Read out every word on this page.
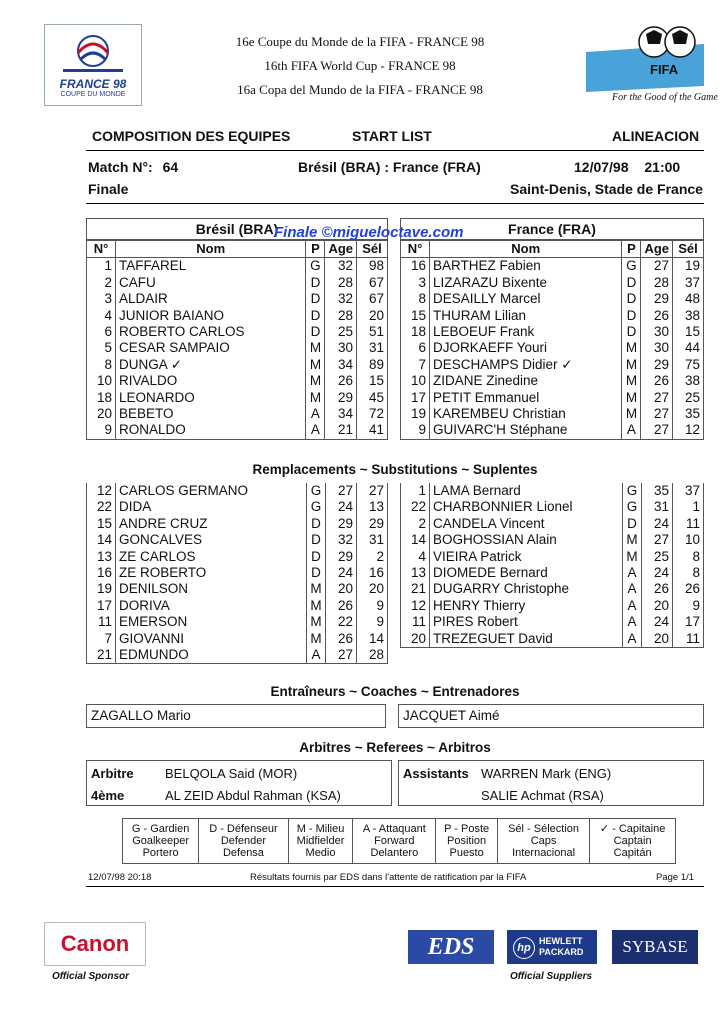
FRANCE 98
COUPE DU MONDE
16e Coupe du Monde de la FIFA - FRANCE 98
16th FIFA World Cup - FRANCE 98
16a Copa del Mundo de la FIFA - FRANCE 98
FIFA
For the Good of the Game
COMPOSITION DES EQUIPES	START LIST	ALINEACION
Match N°: 64	Brésil (BRA) : France (FRA)	12/07/98 21:00
Finale	Saint-Denis, Stade de France
Brésil (BRA)	France (FRA)
N°	Nom	P	Age	Sél
1	TAFFAREL	G	32	98
2	CAFU	D	28	67
3	ALDAIR	D	32	67
4	JUNIOR BAIANO	D	28	20
6	ROBERTO CARLOS	D	25	51
5	CESAR SAMPAIO	M	30	31
8	DUNGA ✓	M	34	89
10	RIVALDO	M	26	15
18	LEONARDO	M	29	45
20	BEBETO	A	34	72
9	RONALDO	A	21	41
N°	Nom	P	Age	Sél
16	BARTHEZ Fabien	G	27	19
3	LIZARAZU Bixente	D	28	37
8	DESAILLY Marcel	D	29	48
15	THURAM Lilian	D	26	38
18	LEBOEUF Frank	D	30	15
6	DJORKAEFF Youri	M	30	44
7	DESCHAMPS Didier ✓	M	29	75
10	ZIDANE Zinedine	M	26	38
17	PETIT Emmanuel	M	27	25
19	KAREMBEU Christian	M	27	35
9	GUIVARC'H Stéphane	A	27	12
Finale ©migueloctave.com
Remplacements ~ Substitutions ~ Suplentes
12	CARLOS GERMANO	G	27	27
22	DIDA	G	24	13
15	ANDRE CRUZ	D	29	29
14	GONCALVES	D	32	31
13	ZE CARLOS	D	29	2
16	ZE ROBERTO	D	24	16
19	DENILSON	M	20	20
17	DORIVA	M	26	9
11	EMERSON	M	22	9
7	GIOVANNI	M	26	14
21	EDMUNDO	A	27	28
1	LAMA Bernard	G	35	37
22	CHARBONNIER Lionel	G	31	1
2	CANDELA Vincent	D	24	11
14	BOGHOSSIAN Alain	M	27	10
4	VIEIRA Patrick	M	25	8
13	DIOMEDE Bernard	A	24	8
21	DUGARRY Christophe	A	26	26
12	HENRY Thierry	A	20	9
11	PIRES Robert	A	24	17
20	TREZEGUET David	A	20	11
Entraîneurs ~ Coaches ~ Entrenadores
ZAGALLO Mario	JACQUET Aimé
Arbitres ~ Referees ~ Arbitros
Arbitre BELQOLA Said (MOR)
4ème	AL ZEID Abdul Rahman (KSA)
Assistants WARREN Mark (ENG)
SALIE Achmat (RSA)
G - Gardien
Goalkeeper
Portero

D - Défenseur
Defender
Defensa

M - Milieu
Midfielder
Medio

A - Attaquant
Forward
Delantero

P - Poste
Position
Puesto

Sél - Sélection
Caps
Internacional

✓ - Capitaine
Captain
Capitán
12/07/98 20:18	Résultats fournis par EDS dans l'attente de ratification par la FIFA	Page 1/1
Canon
Official Sponsor
EDS	hp
HEWLETT PACKARD	SYBASE
Official Suppliers
